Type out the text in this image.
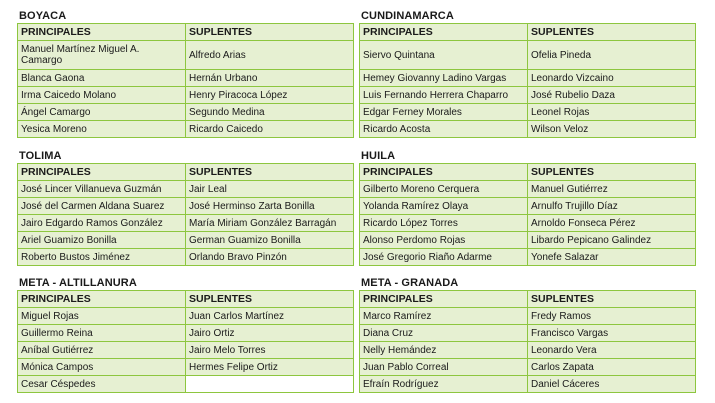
BOYACA
PRINCIPALES	SUPLENTES
Manuel Martínez Miguel A. Camargo	Alfredo Arias
Blanca Gaona	Hernán Urbano
Irma Caicedo Molano	Henry Piracoca López
Ángel Camargo	Segundo Medina
Yesica Moreno	Ricardo Caicedo
CUNDINAMARCA
PRINCIPALES	SUPLENTES
Siervo Quintana	Ofelia Pineda
Hemey Giovanny Ladino Vargas	Leonardo Vizcaino
Luis Fernando Herrera Chaparro	José Rubelio Daza
Edgar Ferney Morales	Leonel Rojas
Ricardo Acosta	Wilson Veloz
TOLIMA
PRINCIPALES	SUPLENTES
José Lincer Villanueva Guzmán	Jair Leal
José del Carmen Aldana Suarez	José Herminso Zarta Bonilla
Jairo Edgardo Ramos González	María Miriam González Barragán
Ariel Guamizo Bonilla	German Guamizo Bonilla
Roberto Bustos Jiménez	Orlando Bravo Pinzón
HUILA
PRINCIPALES	SUPLENTES
Gilberto Moreno Cerquera	Manuel Gutiérrez
Yolanda Ramírez Olaya	Arnulfo Trujillo Díaz
Ricardo López Torres	Arnoldo Fonseca Pérez
Alonso Perdomo Rojas	Libardo Pepicano Galindez
José Gregorio Riaño Adarme	Yonefe Salazar
META - ALTILLANURA
PRINCIPALES	SUPLENTES
Miguel Rojas	Juan Carlos Martínez
Guillermo Reina	Jairo Ortiz
Aníbal Gutiérrez	Jairo Melo Torres
Mónica Campos	Hermes Felipe Ortiz
Cesar Céspedes	
META - GRANADA
PRINCIPALES	SUPLENTES
Marco Ramírez	Fredy Ramos
Diana Cruz	Francisco Vargas
Nelly Hemández	Leonardo Vera
Juan Pablo Correal	Carlos Zapata
Efraín Rodríguez	Daniel Cáceres
